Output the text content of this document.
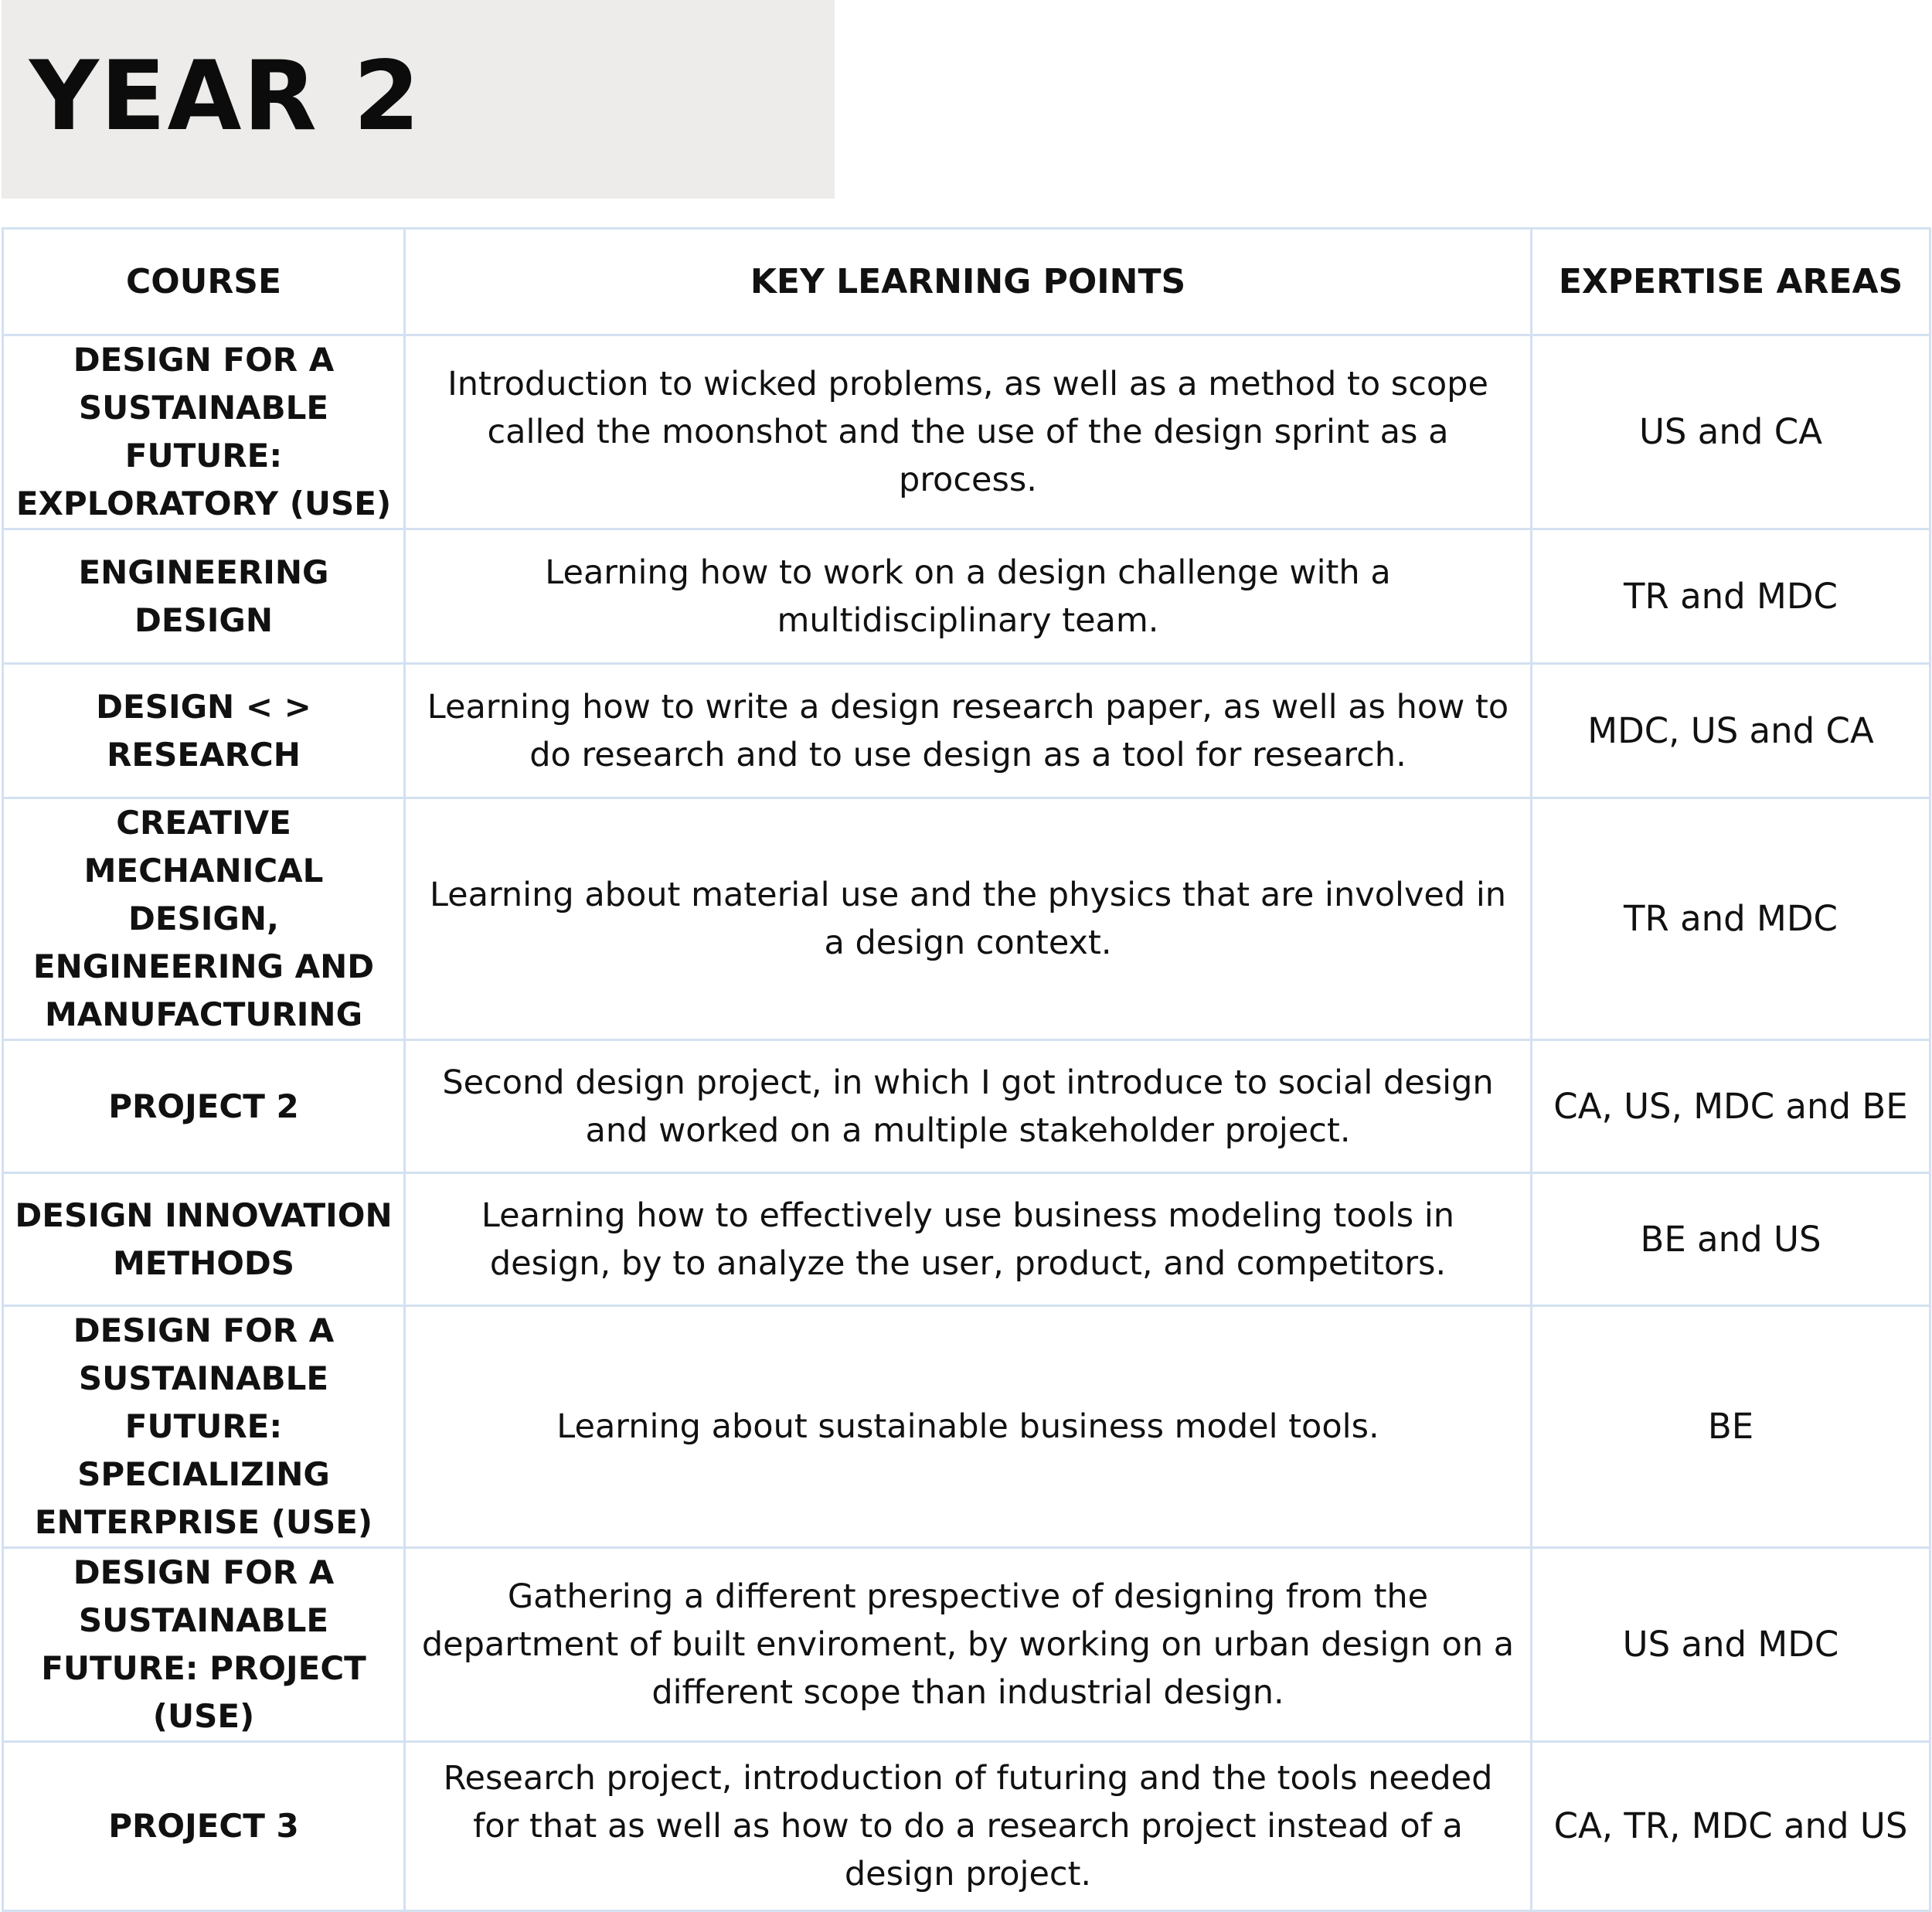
YEAR 2
COURSE	KEY LEARNING POINTS	EXPERTISE AREAS
DESIGN FOR A SUSTAINABLE FUTURE: EXPLORATORY (USE)	Introduction to wicked problems, as well as a method to scope called the moonshot and the use of the design sprint as a process.	US and CA
ENGINEERING DESIGN	Learning how to work on a design challenge with a multidisciplinary team.	TR and MDC
DESIGN < > RESEARCH	Learning how to write a design research paper, as well as how to do research and to use design as a tool for research.	MDC, US and CA
CREATIVE MECHANICAL DESIGN, ENGINEERING AND MANUFACTURING	Learning about material use and the physics that are involved in a design context.	TR and MDC
PROJECT 2	Second design project, in which I got introduce to social design and worked on a multiple stakeholder project.	CA, US, MDC and BE
DESIGN INNOVATION METHODS	Learning how to effectively use business modeling tools in design, by to analyze the user, product, and competitors.	BE and US
DESIGN FOR A SUSTAINABLE FUTURE: SPECIALIZING ENTERPRISE (USE)	Learning about sustainable business model tools.	BE
DESIGN FOR A SUSTAINABLE FUTURE: PROJECT (USE)	Gathering a different prespective of designing from the department of built enviroment, by working on urban design on a different scope than industrial design.	US and MDC
PROJECT 3	Research project, introduction of futuring and the tools needed for that as well as how to do a research project instead of a design project.	CA, TR, MDC and US
